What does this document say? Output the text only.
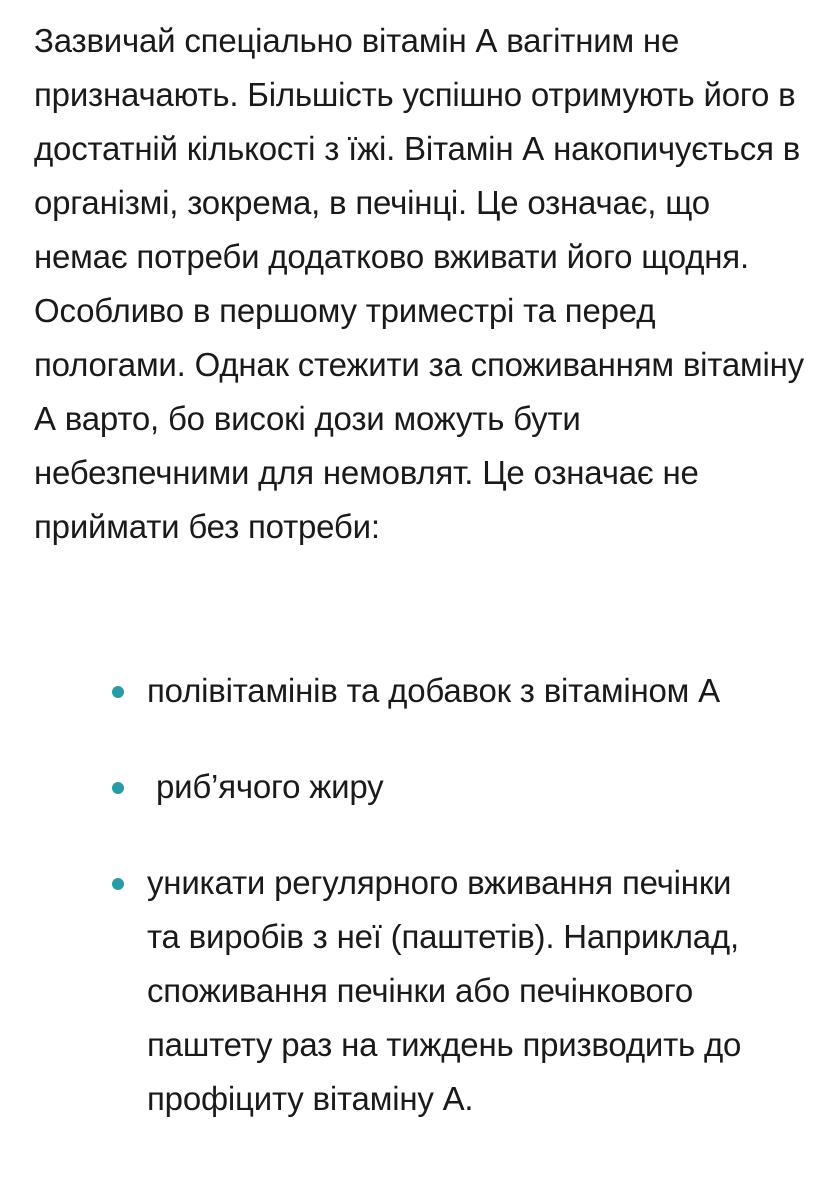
Зазвичай спеціально вітамін А вагітним не призначають. Більшість успішно отримують його в достатній кількості з їжі. Вітамін А накопичується в організмі, зокрема, в печінці. Це означає, що немає потреби додатково вживати його щодня. Особливо в першому триместрі та перед пологами. Однак стежити за споживанням вітаміну А варто, бо високі дози можуть бути небезпечними для немовлят. Це означає не приймати без потреби:

полівітамінів та добавок з вітаміном А
риб’ячого жиру
уникати регулярного вживання печінки та виробів з неї (паштетів). Наприклад, споживання печінки або печінкового паштету раз на тиждень призводить до профіциту вітаміну А.
